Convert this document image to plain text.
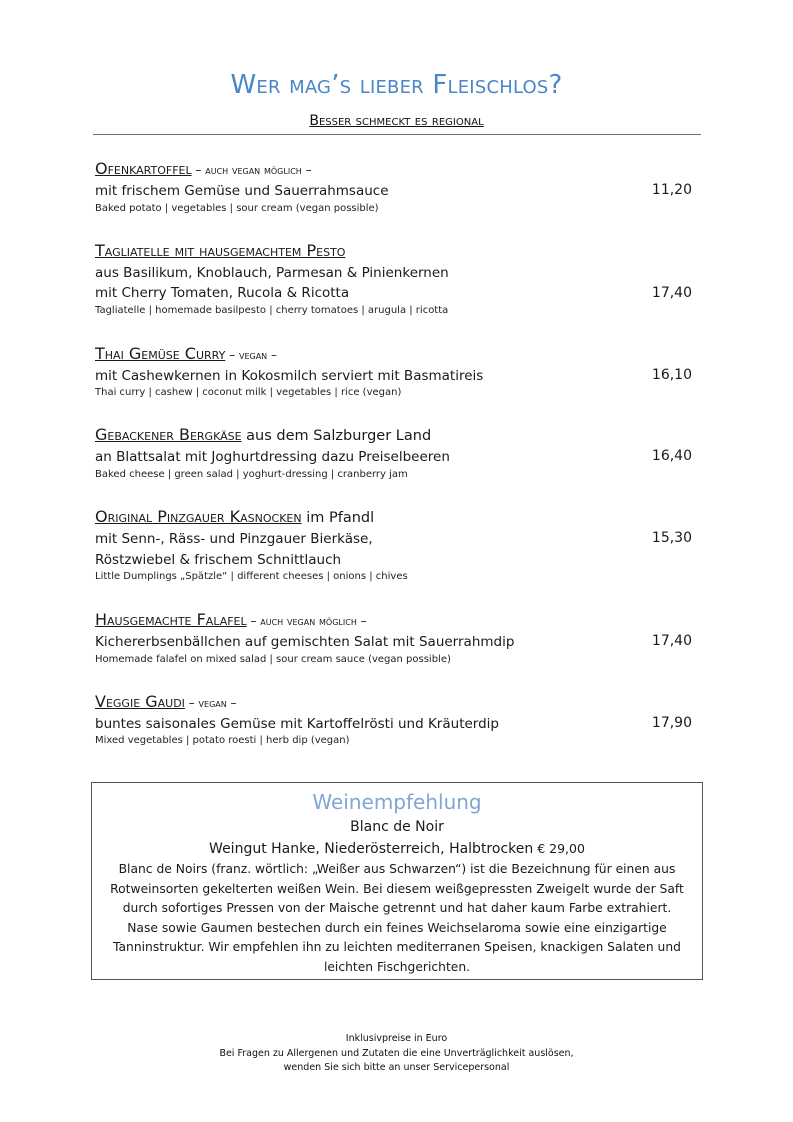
Wer mag’s lieber Fleischlos?
Besser schmeckt es regional
Ofenkartoffel – auch vegan möglich –
mit frischem Gemüse und Sauerrahmsauce
Baked potato | vegetables | sour cream (vegan possible)
11,20
Tagliatelle mit hausgemachtem Pesto
aus Basilikum, Knoblauch, Parmesan & Pinienkernen
mit Cherry Tomaten, Rucola & Ricotta
Tagliatelle | homemade basilpesto | cherry tomatoes | arugula | ricotta
17,40
Thai Gemüse Curry – vegan –
mit Cashewkernen in Kokosmilch serviert mit Basmatireis
Thai curry | cashew | coconut milk | vegetables | rice (vegan)
16,10
Gebackener Bergkäse aus dem Salzburger Land
an Blattsalat mit Joghurtdressing dazu Preiselbeeren
Baked cheese | green salad | yoghurt-dressing | cranberry jam
16,40
Original Pinzgauer Kasnocken im Pfandl
mit Senn-, Räss- und Pinzgauer Bierkäse,
Röstzwiebel & frischem Schnittlauch
Little Dumplings „Spätzle“ | different cheeses | onions | chives
15,30
Hausgemachte Falafel – auch vegan möglich –
Kichererbsenbällchen auf gemischten Salat mit Sauerrahmdip
Homemade falafel on mixed salad | sour cream sauce (vegan possible)
17,40
Veggie Gaudi – vegan –
buntes saisonales Gemüse mit Kartoffelrösti und Kräuterdip
Mixed vegetables | potato roesti | herb dip (vegan)
17,90
Weinempfehlung
Blanc de Noir
Weingut Hanke, Niederösterreich, Halbtrocken € 29,00
Blanc de Noirs (franz. wörtlich: „Weißer aus Schwarzen“) ist die Bezeichnung für einen aus
Rotweinsorten gekelterten weißen Wein. Bei diesem weißgepressten Zweigelt wurde der Saft
durch sofortiges Pressen von der Maische getrennt und hat daher kaum Farbe extrahiert.
Nase sowie Gaumen bestechen durch ein feines Weichselaroma sowie eine einzigartige
Tanninstruktur. Wir empfehlen ihn zu leichten mediterranen Speisen, knackigen Salaten und
leichten Fischgerichten.
Inklusivpreise in Euro
Bei Fragen zu Allergenen und Zutaten die eine Unverträglichkeit auslösen,
wenden Sie sich bitte an unser Servicepersonal
